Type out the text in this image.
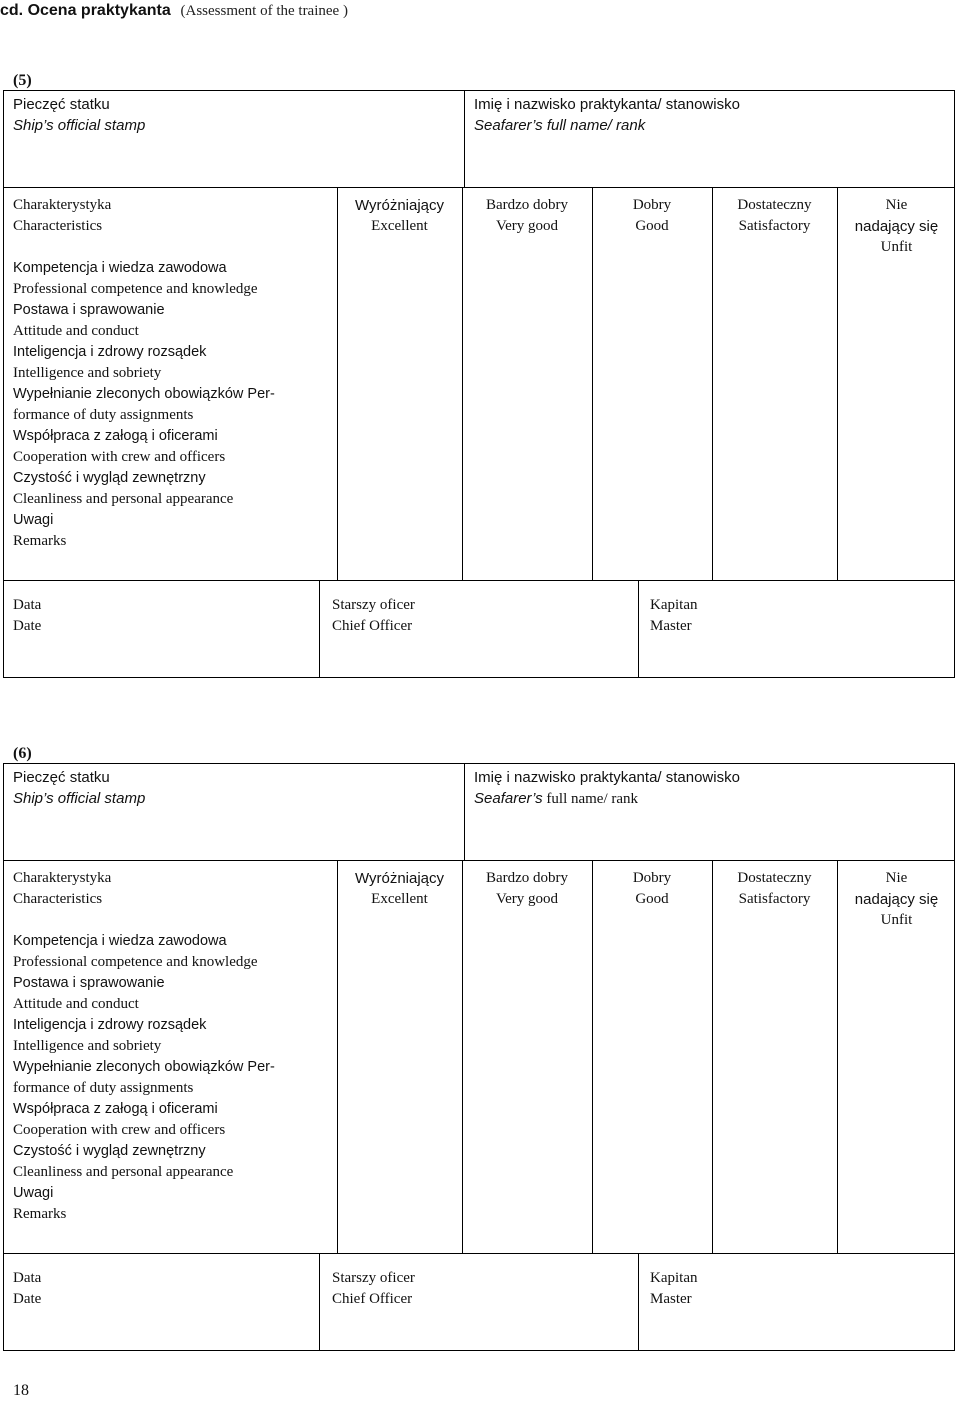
cd. Ocena praktykanta (Assessment of the trainee )
(5)
Pieczęć statku
Ship’s official stamp
Imię i nazwisko praktykanta/ stanowisko
Seafarer’s full name/ rank
Charakterystyka
Characteristics
Kompetencja i wiedza zawodowa
Professional competence and knowledge
Postawa i sprawowanie
Attitude and conduct
Inteligencja i zdrowy rozsądek
Intelligence and sobriety
Wypełnianie zleconych obowiązków Per-
formance of duty assignments
Współpraca z załogą i oficerami
Cooperation with crew and officers
Czystość i wygląd zewnętrzny
Cleanliness and personal appearance
Uwagi
Remarks
Wyróżniający
Excellent
Bardzo dobry
Very good
Dobry
Good
Dostateczny
Satisfactory
Nie
nadający się
Unfit
Data
Date
Starszy oficer
Chief Officer
Kapitan
Master
(6)
Pieczęć statku
Ship’s official stamp
Imię i nazwisko praktykanta/ stanowisko
Seafarer’s full name/ rank
Charakterystyka
Characteristics
Kompetencja i wiedza zawodowa
Professional competence and knowledge
Postawa i sprawowanie
Attitude and conduct
Inteligencja i zdrowy rozsądek
Intelligence and sobriety
Wypełnianie zleconych obowiązków Per-
formance of duty assignments
Współpraca z załogą i oficerami
Cooperation with crew and officers
Czystość i wygląd zewnętrzny
Cleanliness and personal appearance
Uwagi
Remarks
Wyróżniający
Excellent
Bardzo dobry
Very good
Dobry
Good
Dostateczny
Satisfactory
Nie
nadający się
Unfit
Data
Date
Starszy oficer
Chief Officer
Kapitan
Master
18
